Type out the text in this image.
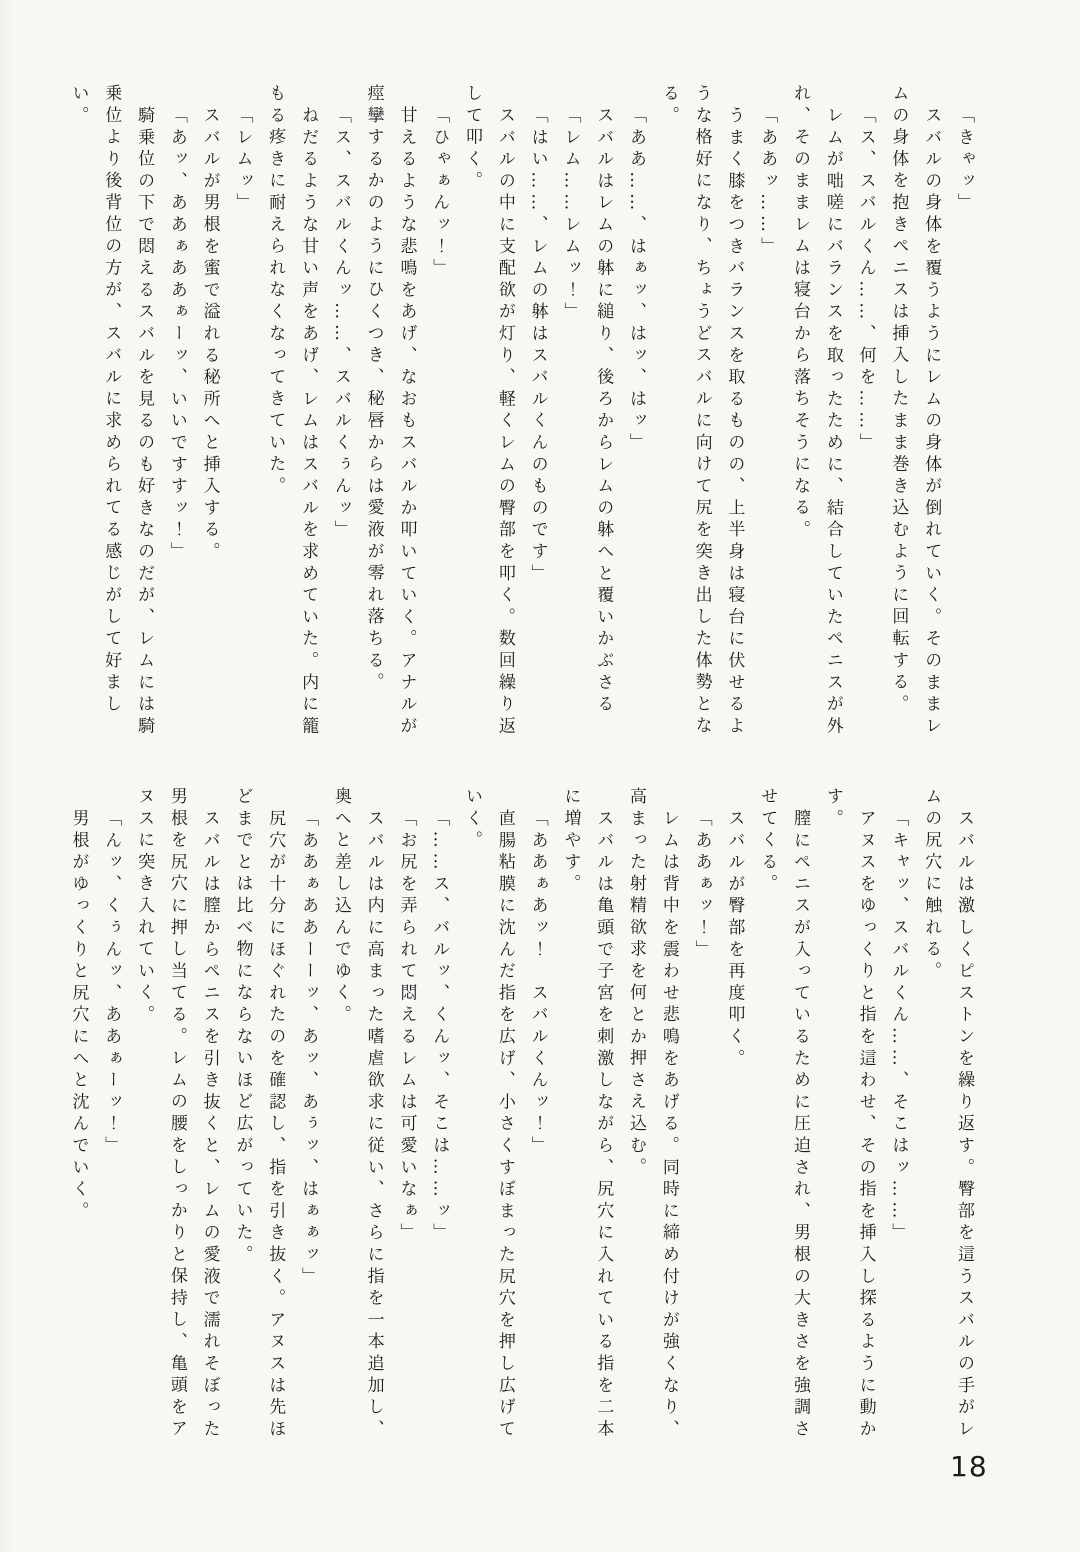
「きゃッ」

スバルの身体を覆うようにレムの身体が倒れていく。そのままレ

ムの身体を抱きペニスは挿入したまま巻き込むように回転する。

「ス、スバルくん……、何を……」

レムが咄嗟にバランスを取ったために、結合していたペニスが外

れ、そのままレムは寝台から落ちそうになる。

「ああッ……」

うまく膝をつきバランスを取るものの、上半身は寝台に伏せるよ

うな格好になり、ちょうどスバルに向けて尻を突き出した体勢とな

る。

「ああ……、はぁッ、はッ、はッ」

スバルはレムの躰に縋り、後ろからレムの躰へと覆いかぶさる

「レム……レムッ！」

「はい……、レムの躰はスバルくんのものです」

スバルの中に支配欲が灯り、軽くレムの臀部を叩く。数回繰り返

して叩く。

「ひゃぁんッ！」

甘えるような悲鳴をあげ、なおもスバルか叩いていく。アナルが

痙攣するかのようにひくつき、秘唇からは愛液が零れ落ちる。

「ス、スバルくんッ……、スバルくぅんッ」

ねだるような甘い声をあげ、レムはスバルを求めていた。内に籠

もる疼きに耐えられなくなってきていた。

「レムッ」

スバルが男根を蜜で溢れる秘所へと挿入する。

「あッ、ああぁああぁーッ、いいですすッ！」

騎乗位の下で悶えるスバルを見るのも好きなのだが、レムには騎

乗位より後背位の方が、スバルに求められてる感じがして好まし

い。

スバルは激しくピストンを繰り返す。臀部を這うスバルの手がレ

ムの尻穴に触れる。

「キャッ、スバルくん……、そこはッ……」

アヌスをゆっくりと指を這わせ、その指を挿入し探るように動か

す。

膣にペニスが入っているために圧迫され、男根の大きさを強調さ

せてくる。

スバルが臀部を再度叩く。

「ああぁッ！」

レムは背中を震わせ悲鳴をあげる。同時に締め付けが強くなり、

高まった射精欲求を何とか押さえ込む。

スバルは亀頭で子宮を刺激しながら、尻穴に入れている指を二本

に増やす。

「ああぁあッ！　スバルくんッ！」

直腸粘膜に沈んだ指を広げ、小さくすぼまった尻穴を押し広げて

いく。

「……ス、バルッ、くんッ、そこは……ッ」

「お尻を弄られて悶えるレムは可愛いなぁ」

スバルは内に高まった嗜虐欲求に従い、さらに指を一本追加し、

奥へと差し込んでゆく。

「ああぁああーーッ、あッ、あぅッ、はぁぁッ」

尻穴が十分にほぐれたのを確認し、指を引き抜く。アヌスは先ほ

どまでとは比べ物にならないほど広がっていた。

スバルは膣からペニスを引き抜くと、レムの愛液で濡れそぼった

男根を尻穴に押し当てる。レムの腰をしっかりと保持し、亀頭をア

ヌスに突き入れていく。

「んッ、くぅんッ、ああぁーッ！」

男根がゆっくりと尻穴にへと沈んでいく。

18
